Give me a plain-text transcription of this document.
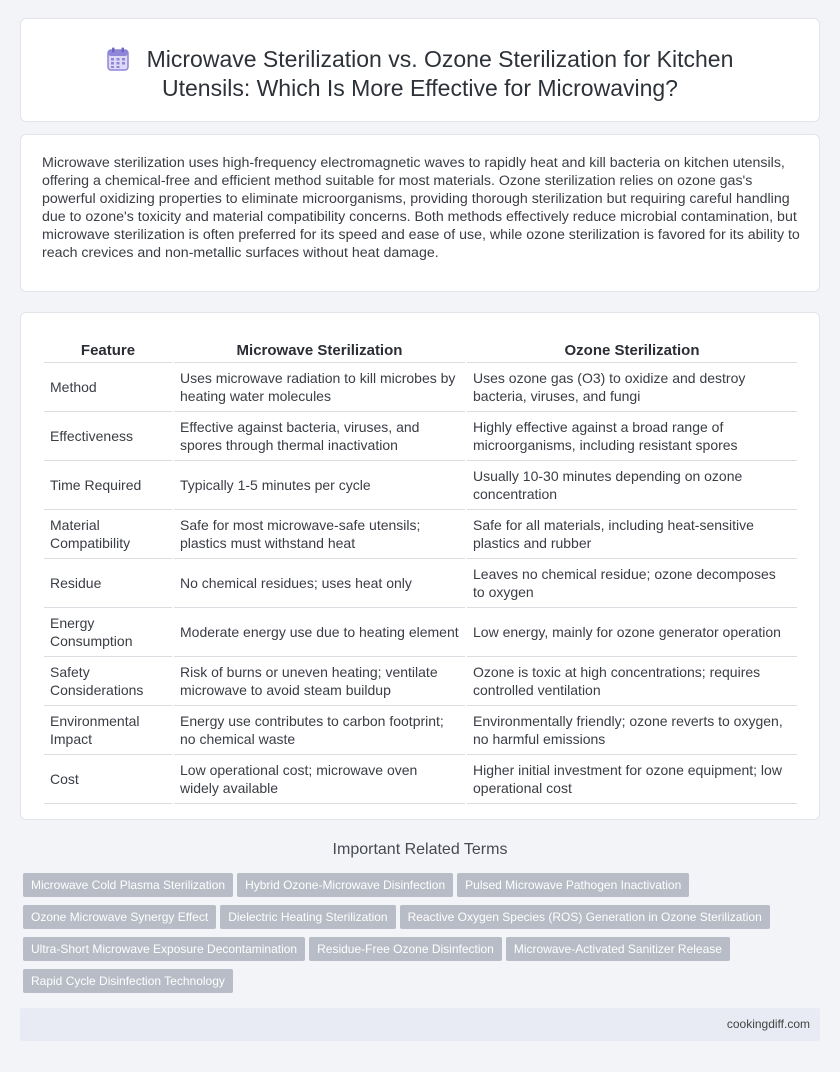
Microwave Sterilization vs. Ozone Sterilization for Kitchen
Utensils: Which Is More Effective for Microwaving?

Microwave sterilization uses high-frequency electromagnetic waves to rapidly heat and kill bacteria on kitchen utensils, offering a chemical-free and efficient method suitable for most materials. Ozone sterilization relies on ozone gas's powerful oxidizing properties to eliminate microorganisms, providing thorough sterilization but requiring careful handling due to ozone's toxicity and material compatibility concerns. Both methods effectively reduce microbial contamination, but microwave sterilization is often preferred for its speed and ease of use, while ozone sterilization is favored for its ability to reach crevices and non-metallic surfaces without heat damage.

Feature	Microwave Sterilization	Ozone Sterilization
Method	Uses microwave radiation to kill microbes by heating water molecules	Uses ozone gas (O3) to oxidize and destroy bacteria, viruses, and fungi
Effectiveness	Effective against bacteria, viruses, and spores through thermal inactivation	Highly effective against a broad range of microorganisms, including resistant spores
Time Required	Typically 1-5 minutes per cycle	Usually 10-30 minutes depending on ozone concentration
Material Compatibility	Safe for most microwave-safe utensils; plastics must withstand heat	Safe for all materials, including heat-sensitive plastics and rubber
Residue	No chemical residues; uses heat only	Leaves no chemical residue; ozone decomposes to oxygen
Energy Consumption	Moderate energy use due to heating element	Low energy, mainly for ozone generator operation
Safety Considerations	Risk of burns or uneven heating; ventilate microwave to avoid steam buildup	Ozone is toxic at high concentrations; requires controlled ventilation
Environmental Impact	Energy use contributes to carbon footprint; no chemical waste	Environmentally friendly; ozone reverts to oxygen, no harmful emissions
Cost	Low operational cost; microwave oven widely available	Higher initial investment for ozone equipment; low operational cost
Important Related Terms
Microwave Cold Plasma Sterilization Hybrid Ozone-Microwave Disinfection Pulsed Microwave Pathogen Inactivation
Ozone Microwave Synergy Effect Dielectric Heating Sterilization Reactive Oxygen Species (ROS) Generation in Ozone Sterilization
Ultra-Short Microwave Exposure Decontamination Residue-Free Ozone Disinfection Microwave-Activated Sanitizer Release
Rapid Cycle Disinfection Technology
cookingdiff.com
